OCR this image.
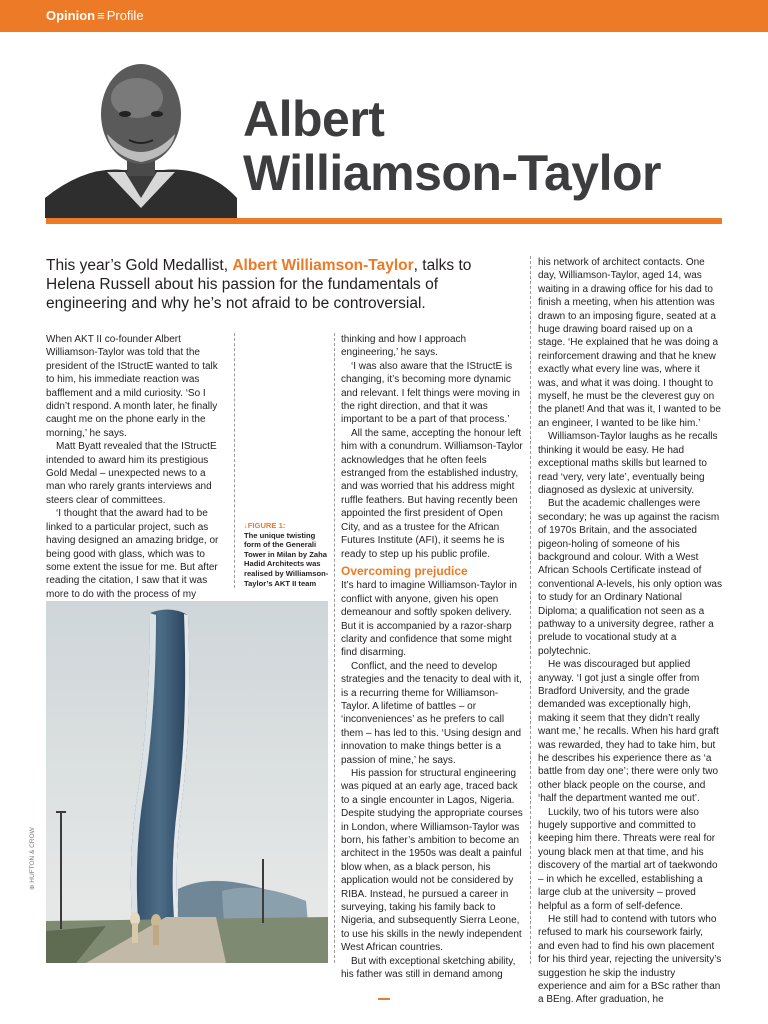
Opinion ≡ Profile
Albert
Williamson-Taylor
This year’s Gold Medallist, Albert Williamson-Taylor, talks to Helena Russell about his passion for the fundamentals of engineering and why he’s not afraid to be controversial.

When AKT II co-founder Albert Williamson-Taylor was told that the president of the IStructE wanted to talk to him, his immediate reaction was bafflement and a mild curiosity. ‘So I didn’t respond. A month later, he finally caught me on the phone early in the morning,’ he says.

Matt Byatt revealed that the IStructE intended to award him its prestigious Gold Medal – unexpected news to a man who rarely grants interviews and steers clear of committees.

‘I thought that the award had to be linked to a particular project, such as having designed an amazing bridge, or being good with glass, which was to some extent the issue for me. But after reading the citation, I saw that it was more to do with the process of my

↓FIGURE 1:
The unique twisting form of the Generali Tower in Milan by Zaha Hadid Architects was realised by Williamson-Taylor’s AKT II team
⊕ HUFTON & CROW

thinking and how I approach engineering,’ he says.

‘I was also aware that the IStructE is changing, it’s becoming more dynamic and relevant. I felt things were moving in the right direction, and that it was important to be a part of that process.’

All the same, accepting the honour left him with a conundrum. Williamson-Taylor acknowledges that he often feels estranged from the established industry, and was worried that his address might ruffle feathers. But having recently been appointed the first president of Open City, and as a trustee for the African Futures Institute (AFI), it seems he is ready to step up his public profile.

Overcoming prejudice

It’s hard to imagine Williamson-Taylor in conflict with anyone, given his open demeanour and softly spoken delivery. But it is accompanied by a razor-sharp clarity and confidence that some might find disarming.

Conflict, and the need to develop strategies and the tenacity to deal with it, is a recurring theme for Williamson-Taylor. A lifetime of battles – or ‘inconveniences’ as he prefers to call them – has led to this. ‘Using design and innovation to make things better is a passion of mine,’ he says.

His passion for structural engineering was piqued at an early age, traced back to a single encounter in Lagos, Nigeria. Despite studying the appropriate courses in London, where Williamson-Taylor was born, his father’s ambition to become an architect in the 1950s was dealt a painful blow when, as a black person, his application would not be considered by RIBA. Instead, he pursued a career in surveying, taking his family back to Nigeria, and subsequently Sierra Leone, to use his skills in the newly independent West African countries.

But with exceptional sketching ability, his father was still in demand among

his network of architect contacts. One day, Williamson-Taylor, aged 14, was waiting in a drawing office for his dad to finish a meeting, when his attention was drawn to an imposing figure, seated at a huge drawing board raised up on a stage. ‘He explained that he was doing a reinforcement drawing and that he knew exactly what every line was, where it was, and what it was doing. I thought to myself, he must be the cleverest guy on the planet! And that was it, I wanted to be an engineer, I wanted to be like him.’

Williamson-Taylor laughs as he recalls thinking it would be easy. He had exceptional maths skills but learned to read ‘very, very late’, eventually being diagnosed as dyslexic at university.

But the academic challenges were secondary; he was up against the racism of 1970s Britain, and the associated pigeon-holing of someone of his background and colour. With a West African Schools Certificate instead of conventional A-levels, his only option was to study for an Ordinary National Diploma; a qualification not seen as a pathway to a university degree, rather a prelude to vocational study at a polytechnic.

He was discouraged but applied anyway. ‘I got just a single offer from Bradford University, and the grade demanded was exceptionally high, making it seem that they didn’t really want me,’ he recalls. When his hard graft was rewarded, they had to take him, but he describes his experience there as ‘a battle from day one’; there were only two other black people on the course, and ‘half the department wanted me out’.

Luckily, two of his tutors were also hugely supportive and committed to keeping him there. Threats were real for young black men at that time, and his discovery of the martial art of taekwondo – in which he excelled, establishing a large club at the university – proved helpful as a form of self-defence.

He still had to contend with tutors who refused to mark his coursework fairly, and even had to find his own placement for his third year, rejecting the university’s suggestion he skip the industry experience and aim for a BSc rather than a BEng. After graduation, he
